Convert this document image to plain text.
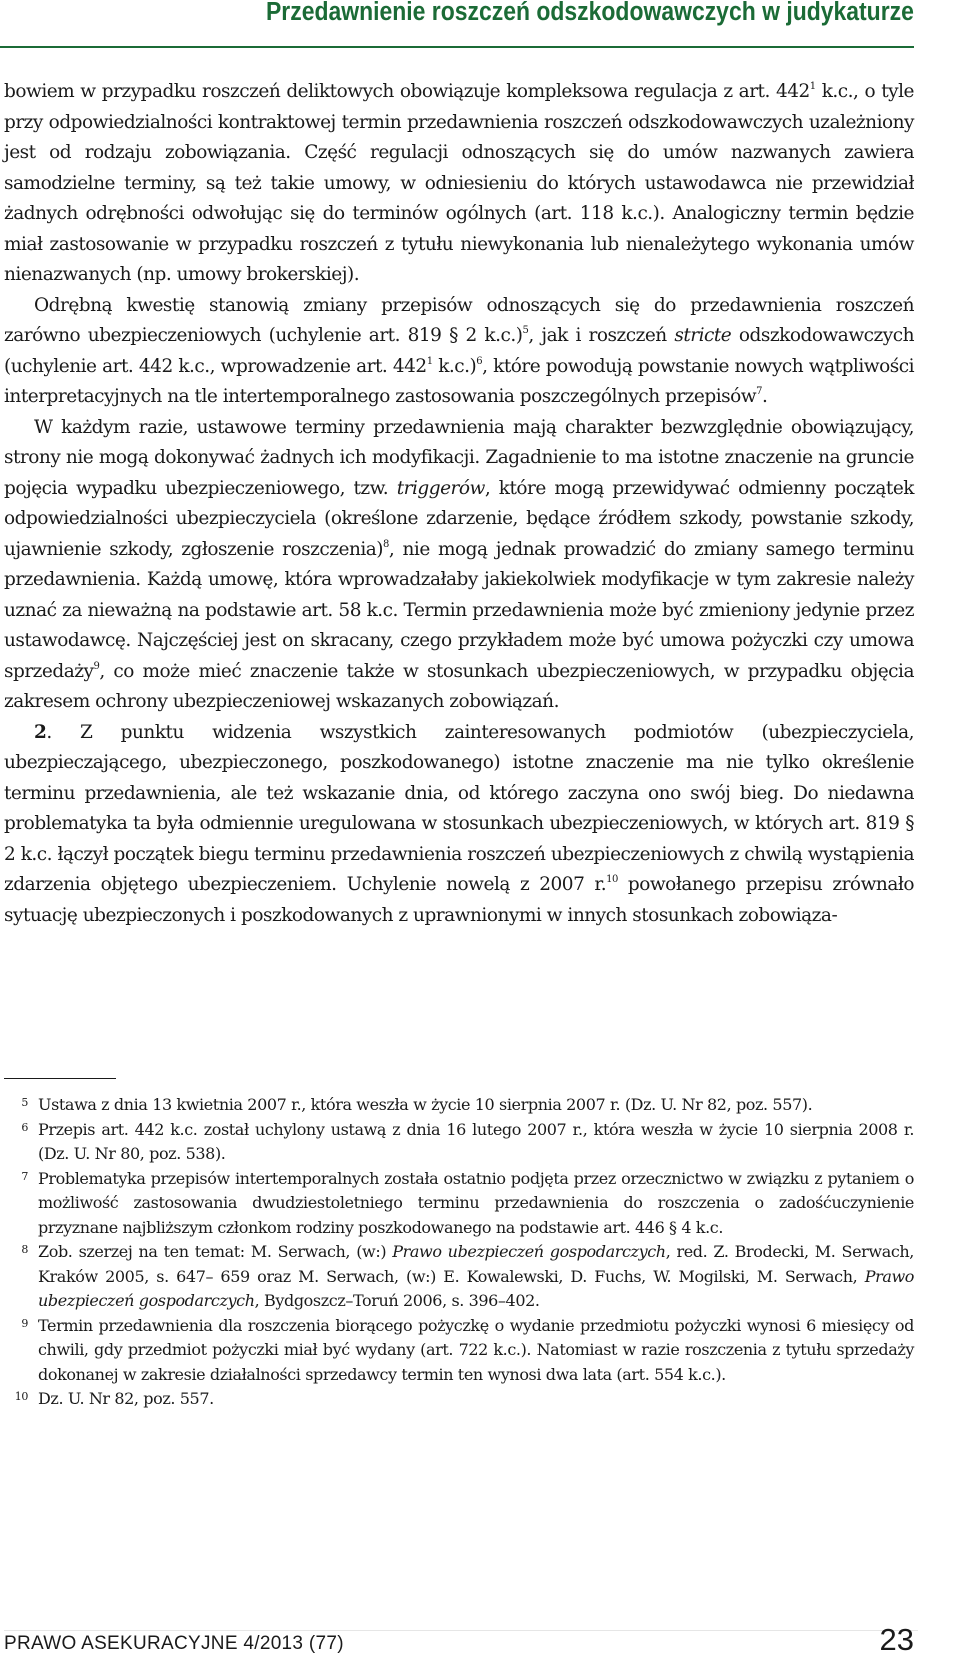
Przedawnienie roszczeń odszkodowawczych w judykaturze

bowiem w przypadku roszczeń deliktowych obowiązuje kompleksowa regulacja z art. $442^1$ k.c., o tyle przy odpowiedzialności kontraktowej termin przedawnienia roszczeń odszkodowawczych uzależniony jest od rodzaju zobowiązania. Część regulacji odnoszących się do umów nazwanych zawiera samodzielne terminy, są też takie umowy, w odniesieniu do których ustawodawca nie przewidział żadnych odrębności odwołując się do terminów ogólnych (art. 118 k.c.). Analogiczny termin będzie miał zastosowanie w przypadku roszczeń z tytułu niewykonania lub nienależytego wykonania umów nienazwanych (np. umowy brokerskiej).

Odrębną kwestię stanowią zmiany przepisów odnoszących się do przedawnienia roszczeń zarówno ubezpieczeniowych (uchylenie art. 819 § 2 k.c.)$^5$, jak i roszczeń stricte odszkodowawczych (uchylenie art. 442 k.c., wprowadzenie art. $442^1$ k.c.)$^6$, które powodują powstanie nowych wątpliwości interpretacyjnych na tle intertemporalnego zastosowania poszczególnych przepisów$^7$.

W każdym razie, ustawowe terminy przedawnienia mają charakter bezwzględnie obowiązujący, strony nie mogą dokonywać żadnych ich modyfikacji. Zagadnienie to ma istotne znaczenie na gruncie pojęcia wypadku ubezpieczeniowego, tzw. triggerów, które mogą przewidywać odmienny początek odpowiedzialności ubezpieczyciela (określone zdarzenie, będące źródłem szkody, powstanie szkody, ujawnienie szkody, zgłoszenie roszczenia)$^8$, nie mogą jednak prowadzić do zmiany samego terminu przedawnienia. Każdą umowę, która wprowadzałaby jakiekolwiek modyfikacje w tym zakresie należy uznać za nieważną na podstawie art. 58 k.c. Termin przedawnienia może być zmieniony jedynie przez ustawodawcę. Najczęściej jest on skracany, czego przykładem może być umowa pożyczki czy umowa sprzedaży$^9$, co może mieć znaczenie także w stosunkach ubezpieczeniowych, w przypadku objęcia zakresem ochrony ubezpieczeniowej wskazanych zobowiązań.

2. Z punktu widzenia wszystkich zainteresowanych podmiotów (ubezpieczyciela, ubezpieczającego, ubezpieczonego, poszkodowanego) istotne znaczenie ma nie tylko określenie terminu przedawnienia, ale też wskazanie dnia, od którego zaczyna ono swój bieg. Do niedawna problematyka ta była odmiennie uregulowana w stosunkach ubezpieczeniowych, w których art. 819 § 2 k.c. łączył początek biegu terminu przedawnienia roszczeń ubezpieczeniowych z chwilą wystąpienia zdarzenia objętego ubezpieczeniem. Uchylenie nowelą z 2007 r.$^{10}$ powołanego przepisu zrównało sytuację ubezpieczonych i poszkodowanych z uprawnionymi w innych stosunkach zobowiąza-

5 Ustawa z dnia 13 kwietnia 2007 r., która weszła w życie 10 sierpnia 2007 r. (Dz. U. Nr 82, poz. 557).
6 Przepis art. 442 k.c. został uchylony ustawą z dnia 16 lutego 2007 r., która weszła w życie 10 sierpnia 2008 r. (Dz. U. Nr 80, poz. 538).
7 Problematyka przepisów intertemporalnych została ostatnio podjęta przez orzecznictwo w związku z pytaniem o możliwość zastosowania dwudziestoletniego terminu przedawnienia do roszczenia o zadośćuczynienie przyznane najbliższym członkom rodziny poszkodowanego na podstawie art. 446 § 4 k.c.
8 Zob. szerzej na ten temat: M. Serwach, (w:) Prawo ubezpieczeń gospodarczych, red. Z. Brodecki, M. Serwach, Kraków 2005, s. 647– 659 oraz M. Serwach, (w:) E. Kowalewski, D. Fuchs, W. Mogilski, M. Serwach, Prawo ubezpieczeń gospodarczych, Bydgoszcz–Toruń 2006, s. 396–402.
9 Termin przedawnienia dla roszczenia biorącego pożyczkę o wydanie przedmiotu pożyczki wynosi 6 miesięcy od chwili, gdy przedmiot pożyczki miał być wydany (art. 722 k.c.). Natomiast w razie roszczenia z tytułu sprzedaży dokonanej w zakresie działalności sprzedawcy termin ten wynosi dwa lata (art. 554 k.c.).
10 Dz. U. Nr 82, poz. 557.

PRAWO ASEKURACYJNE 4/2013 (77)	23
